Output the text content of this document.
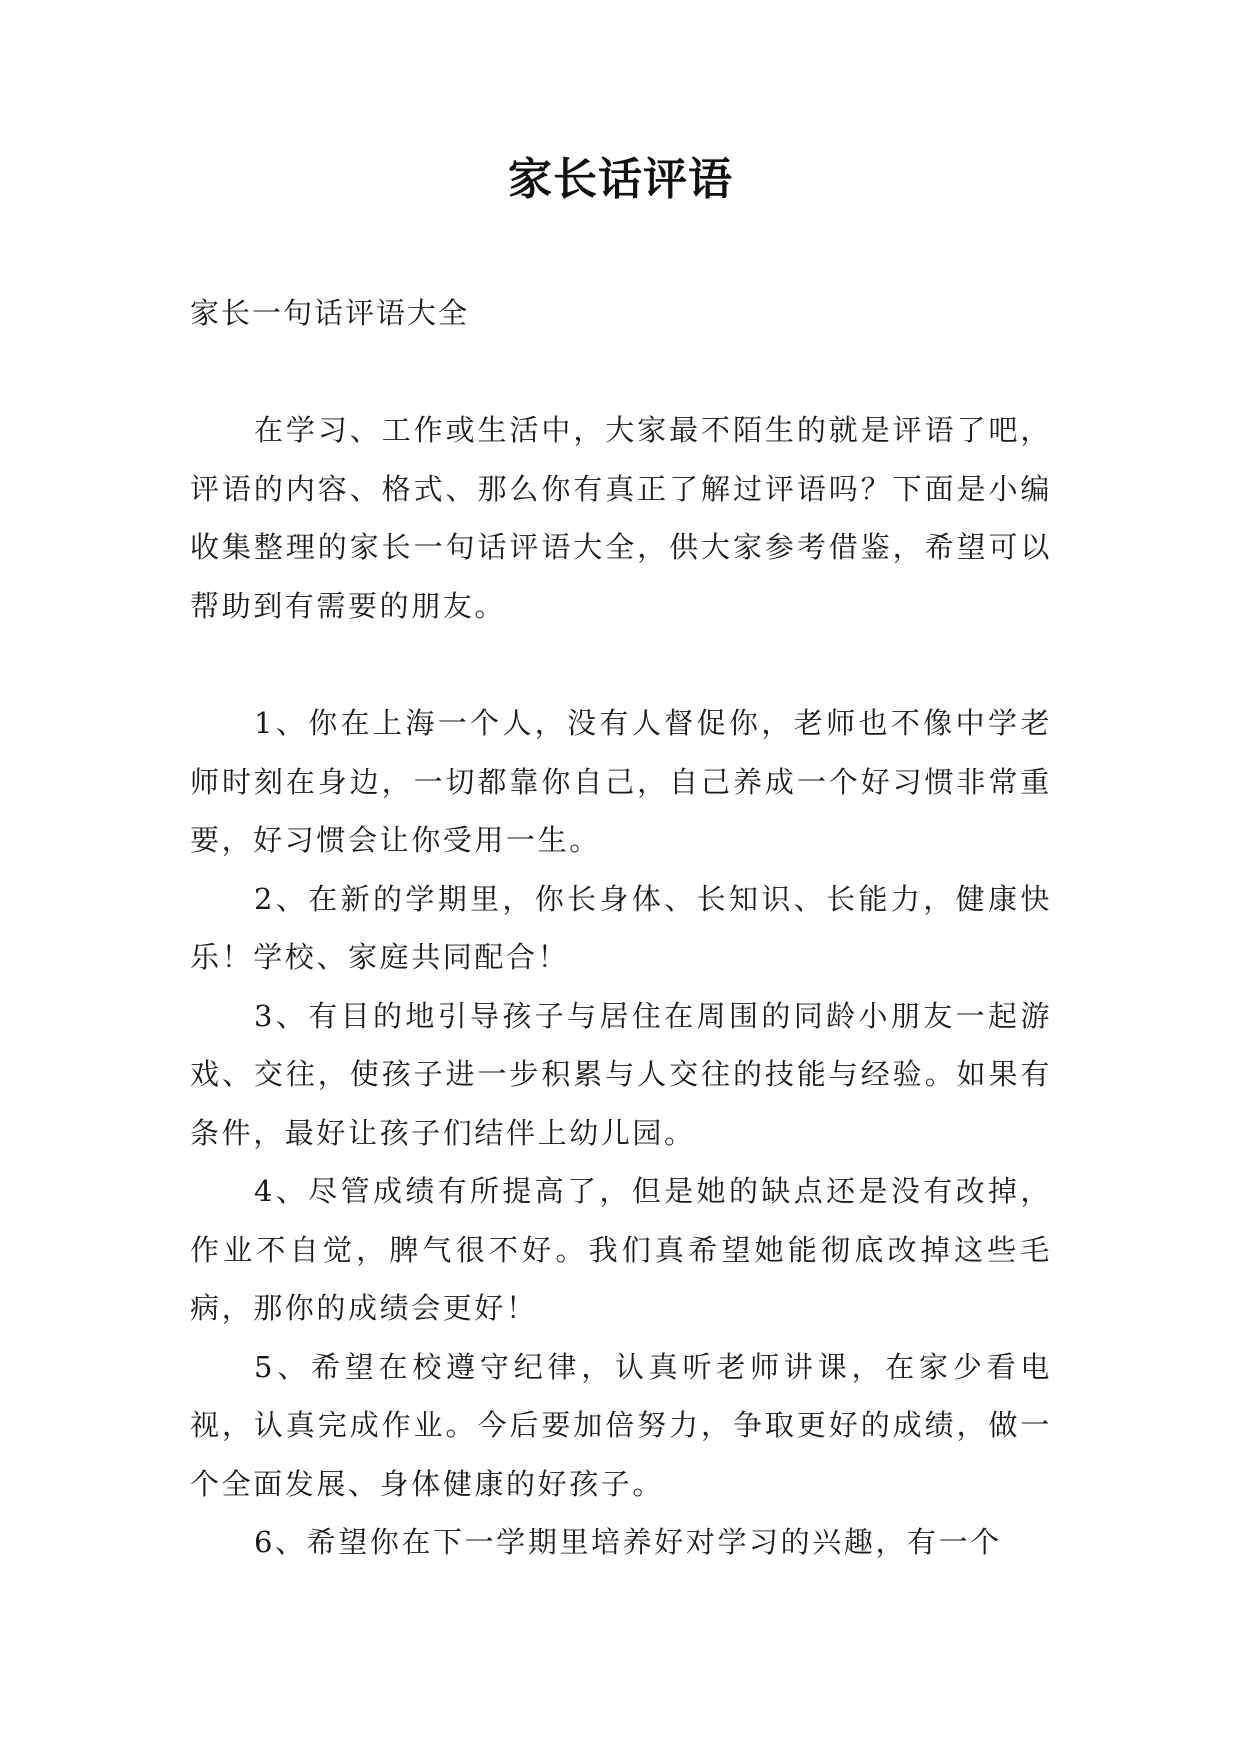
家长话评语
家长一句话评语大全

在学习、工作或生活中，大家最不陌生的就是评语了吧，评语的内容、格式、那么你有真正了解过评语吗？下面是小编收集整理的家长一句话评语大全，供大家参考借鉴，希望可以帮助到有需要的朋友。

1、你在上海一个人，没有人督促你，老师也不像中学老师时刻在身边，一切都靠你自己，自己养成一个好习惯非常重要，好习惯会让你受用一生。

2、在新的学期里，你长身体、长知识、长能力，健康快乐！学校、家庭共同配合！

3、有目的地引导孩子与居住在周围的同龄小朋友一起游戏、交往，使孩子进一步积累与人交往的技能与经验。如果有条件，最好让孩子们结伴上幼儿园。

4、尽管成绩有所提高了，但是她的缺点还是没有改掉，作业不自觉，脾气很不好。我们真希望她能彻底改掉这些毛病，那你的成绩会更好！

5、希望在校遵守纪律，认真听老师讲课，在家少看电视，认真完成作业。今后要加倍努力，争取更好的成绩，做一个全面发展、身体健康的好孩子。

6、希望你在下一学期里培养好对学习的兴趣，有一个
